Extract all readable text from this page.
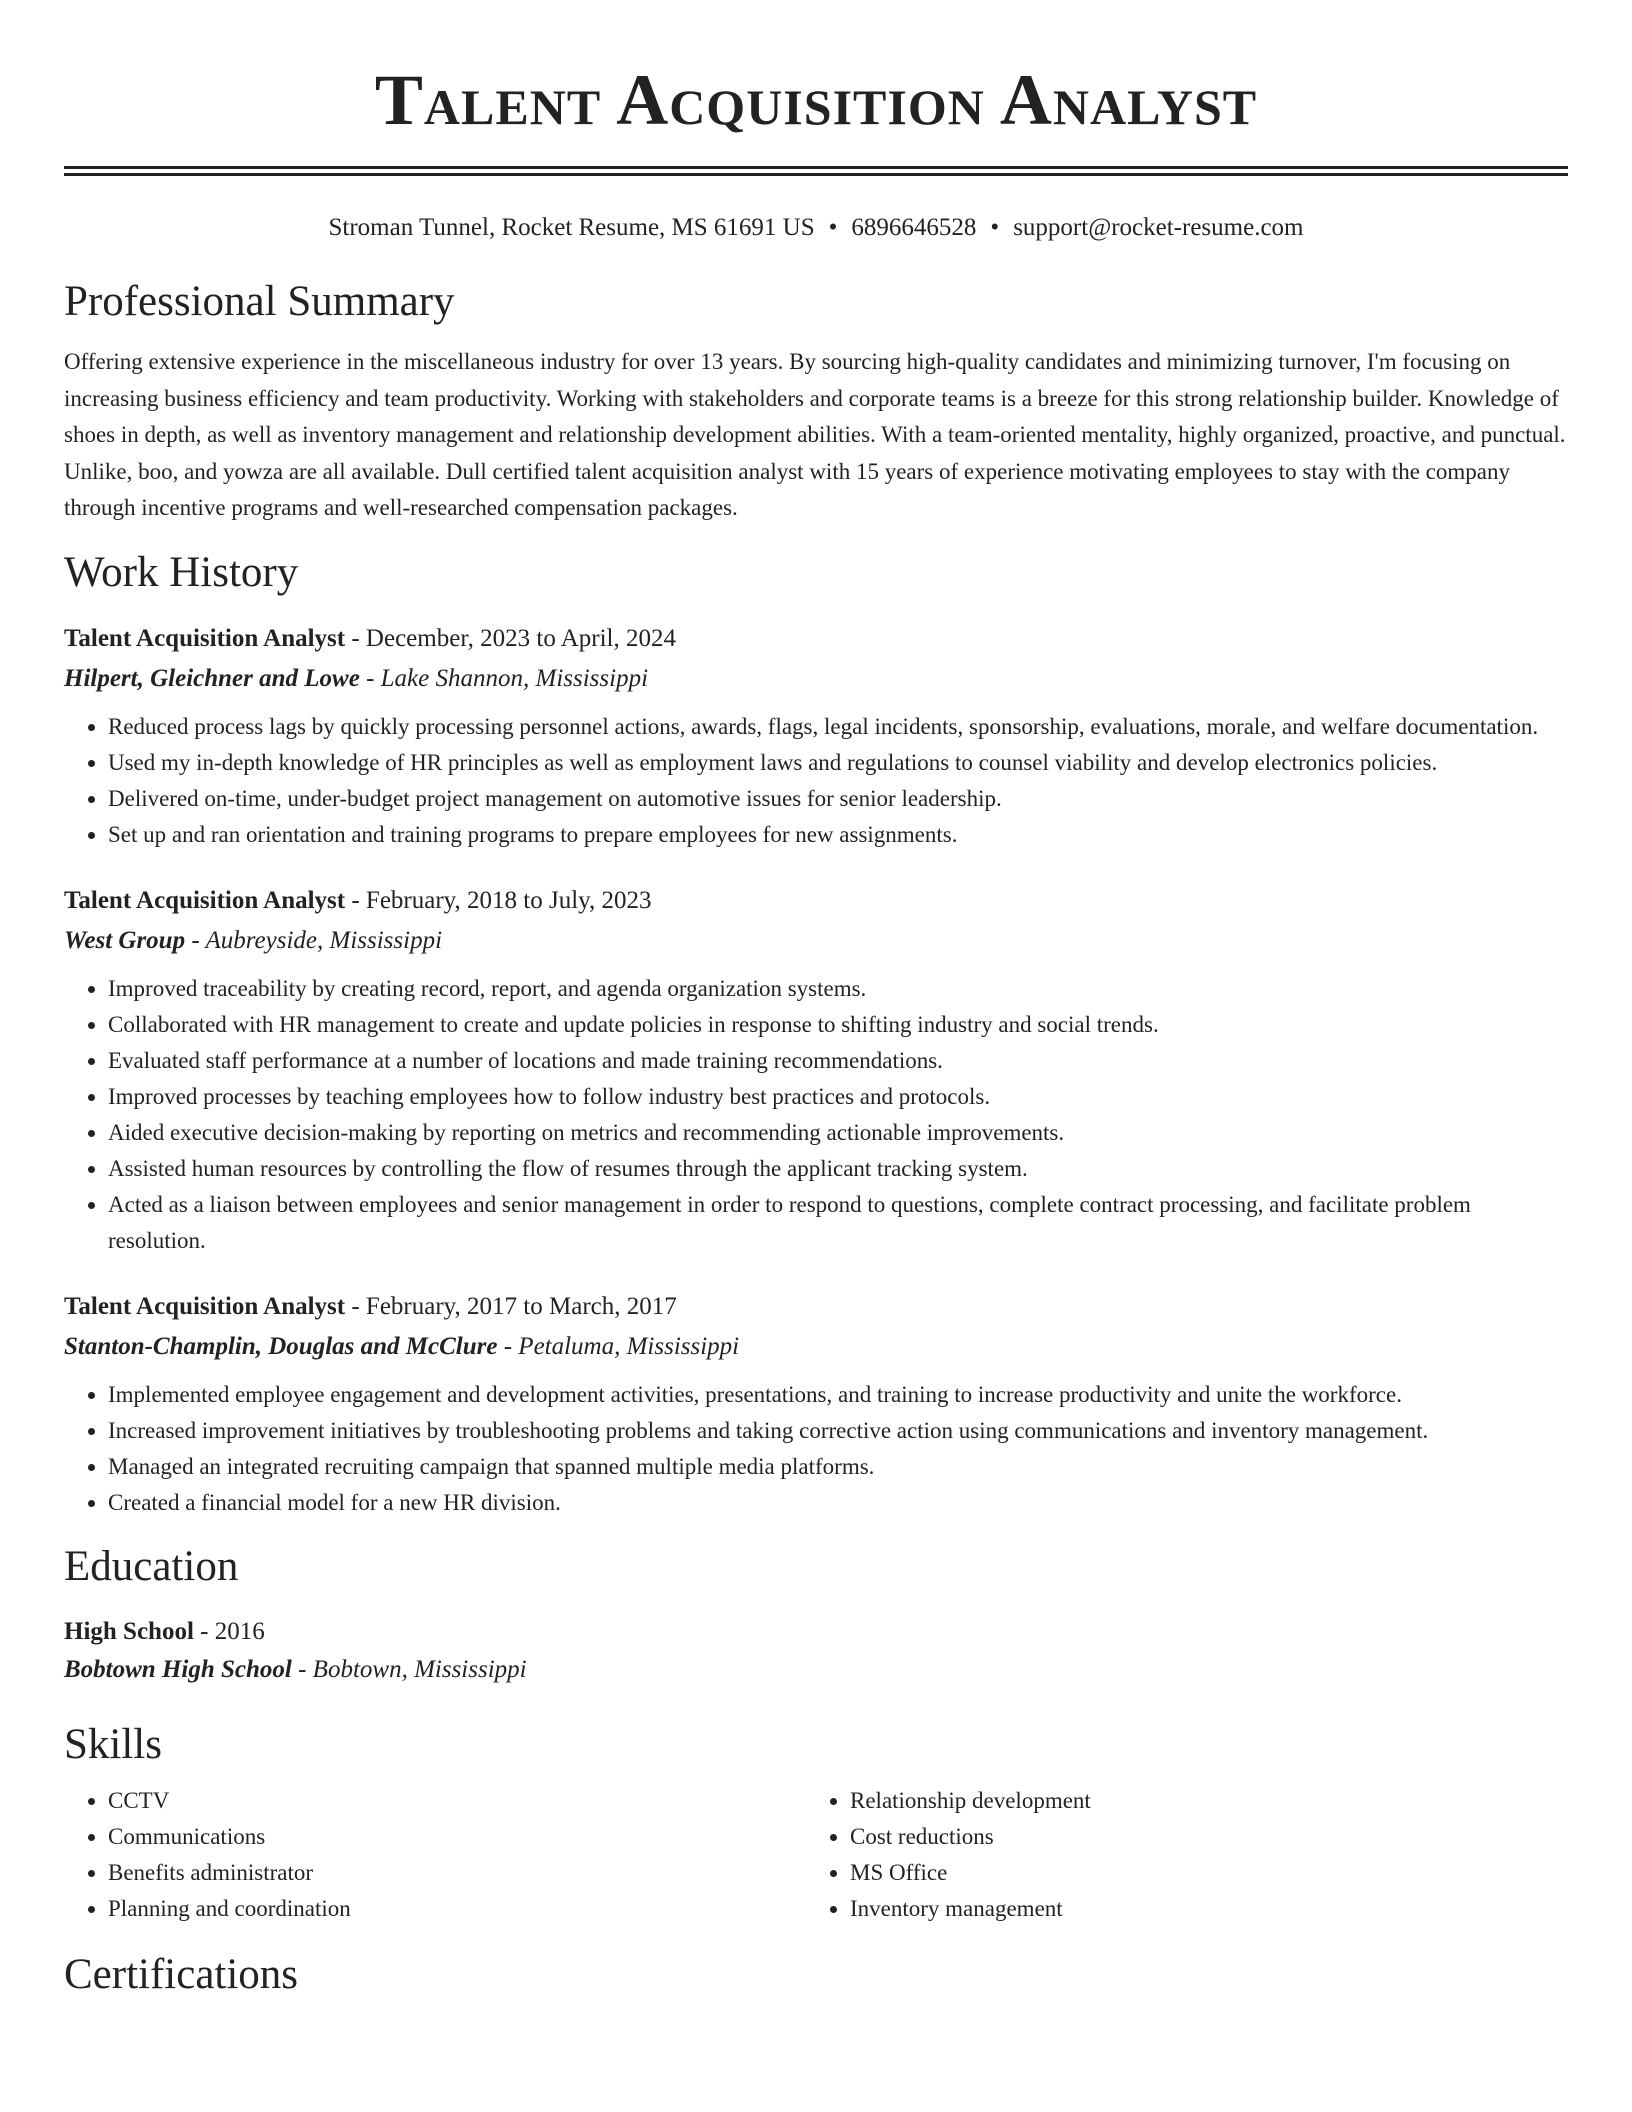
Talent Acquisition Analyst
Stroman Tunnel, Rocket Resume, MS 61691 US • 6896646528 • support@rocket-resume.com
Professional Summary

Offering extensive experience in the miscellaneous industry for over 13 years. By sourcing high-quality candidates and minimizing turnover, I'm focusing on increasing business efficiency and team productivity. Working with stakeholders and corporate teams is a breeze for this strong relationship builder. Knowledge of shoes in depth, as well as inventory management and relationship development abilities. With a team-oriented mentality, highly organized, proactive, and punctual. Unlike, boo, and yowza are all available. Dull certified talent acquisition analyst with 15 years of experience motivating employees to stay with the company through incentive programs and well-researched compensation packages.

Work History
Talent Acquisition Analyst - December, 2023 to April, 2024
Hilpert, Gleichner and Lowe - Lake Shannon, Mississippi
• Reduced process lags by quickly processing personnel actions, awards, flags, legal incidents, sponsorship, evaluations, morale, and welfare documentation.
• Used my in-depth knowledge of HR principles as well as employment laws and regulations to counsel viability and develop electronics policies.
• Delivered on-time, under-budget project management on automotive issues for senior leadership.
• Set up and ran orientation and training programs to prepare employees for new assignments.
Talent Acquisition Analyst - February, 2018 to July, 2023
West Group - Aubreyside, Mississippi
• Improved traceability by creating record, report, and agenda organization systems.
• Collaborated with HR management to create and update policies in response to shifting industry and social trends.
• Evaluated staff performance at a number of locations and made training recommendations.
• Improved processes by teaching employees how to follow industry best practices and protocols.
• Aided executive decision-making by reporting on metrics and recommending actionable improvements.
• Assisted human resources by controlling the flow of resumes through the applicant tracking system.
• Acted as a liaison between employees and senior management in order to respond to questions, complete contract processing, and facilitate problem resolution.
Talent Acquisition Analyst - February, 2017 to March, 2017
Stanton-Champlin, Douglas and McClure - Petaluma, Mississippi
• Implemented employee engagement and development activities, presentations, and training to increase productivity and unite the workforce.
• Increased improvement initiatives by troubleshooting problems and taking corrective action using communications and inventory management.
• Managed an integrated recruiting campaign that spanned multiple media platforms.
• Created a financial model for a new HR division.
Education
High School - 2016
Bobtown High School - Bobtown, Mississippi
Skills
• CCTV
• Communications
• Benefits administrator
• Planning and coordination
• Relationship development
• Cost reductions
• MS Office
• Inventory management
Certifications
